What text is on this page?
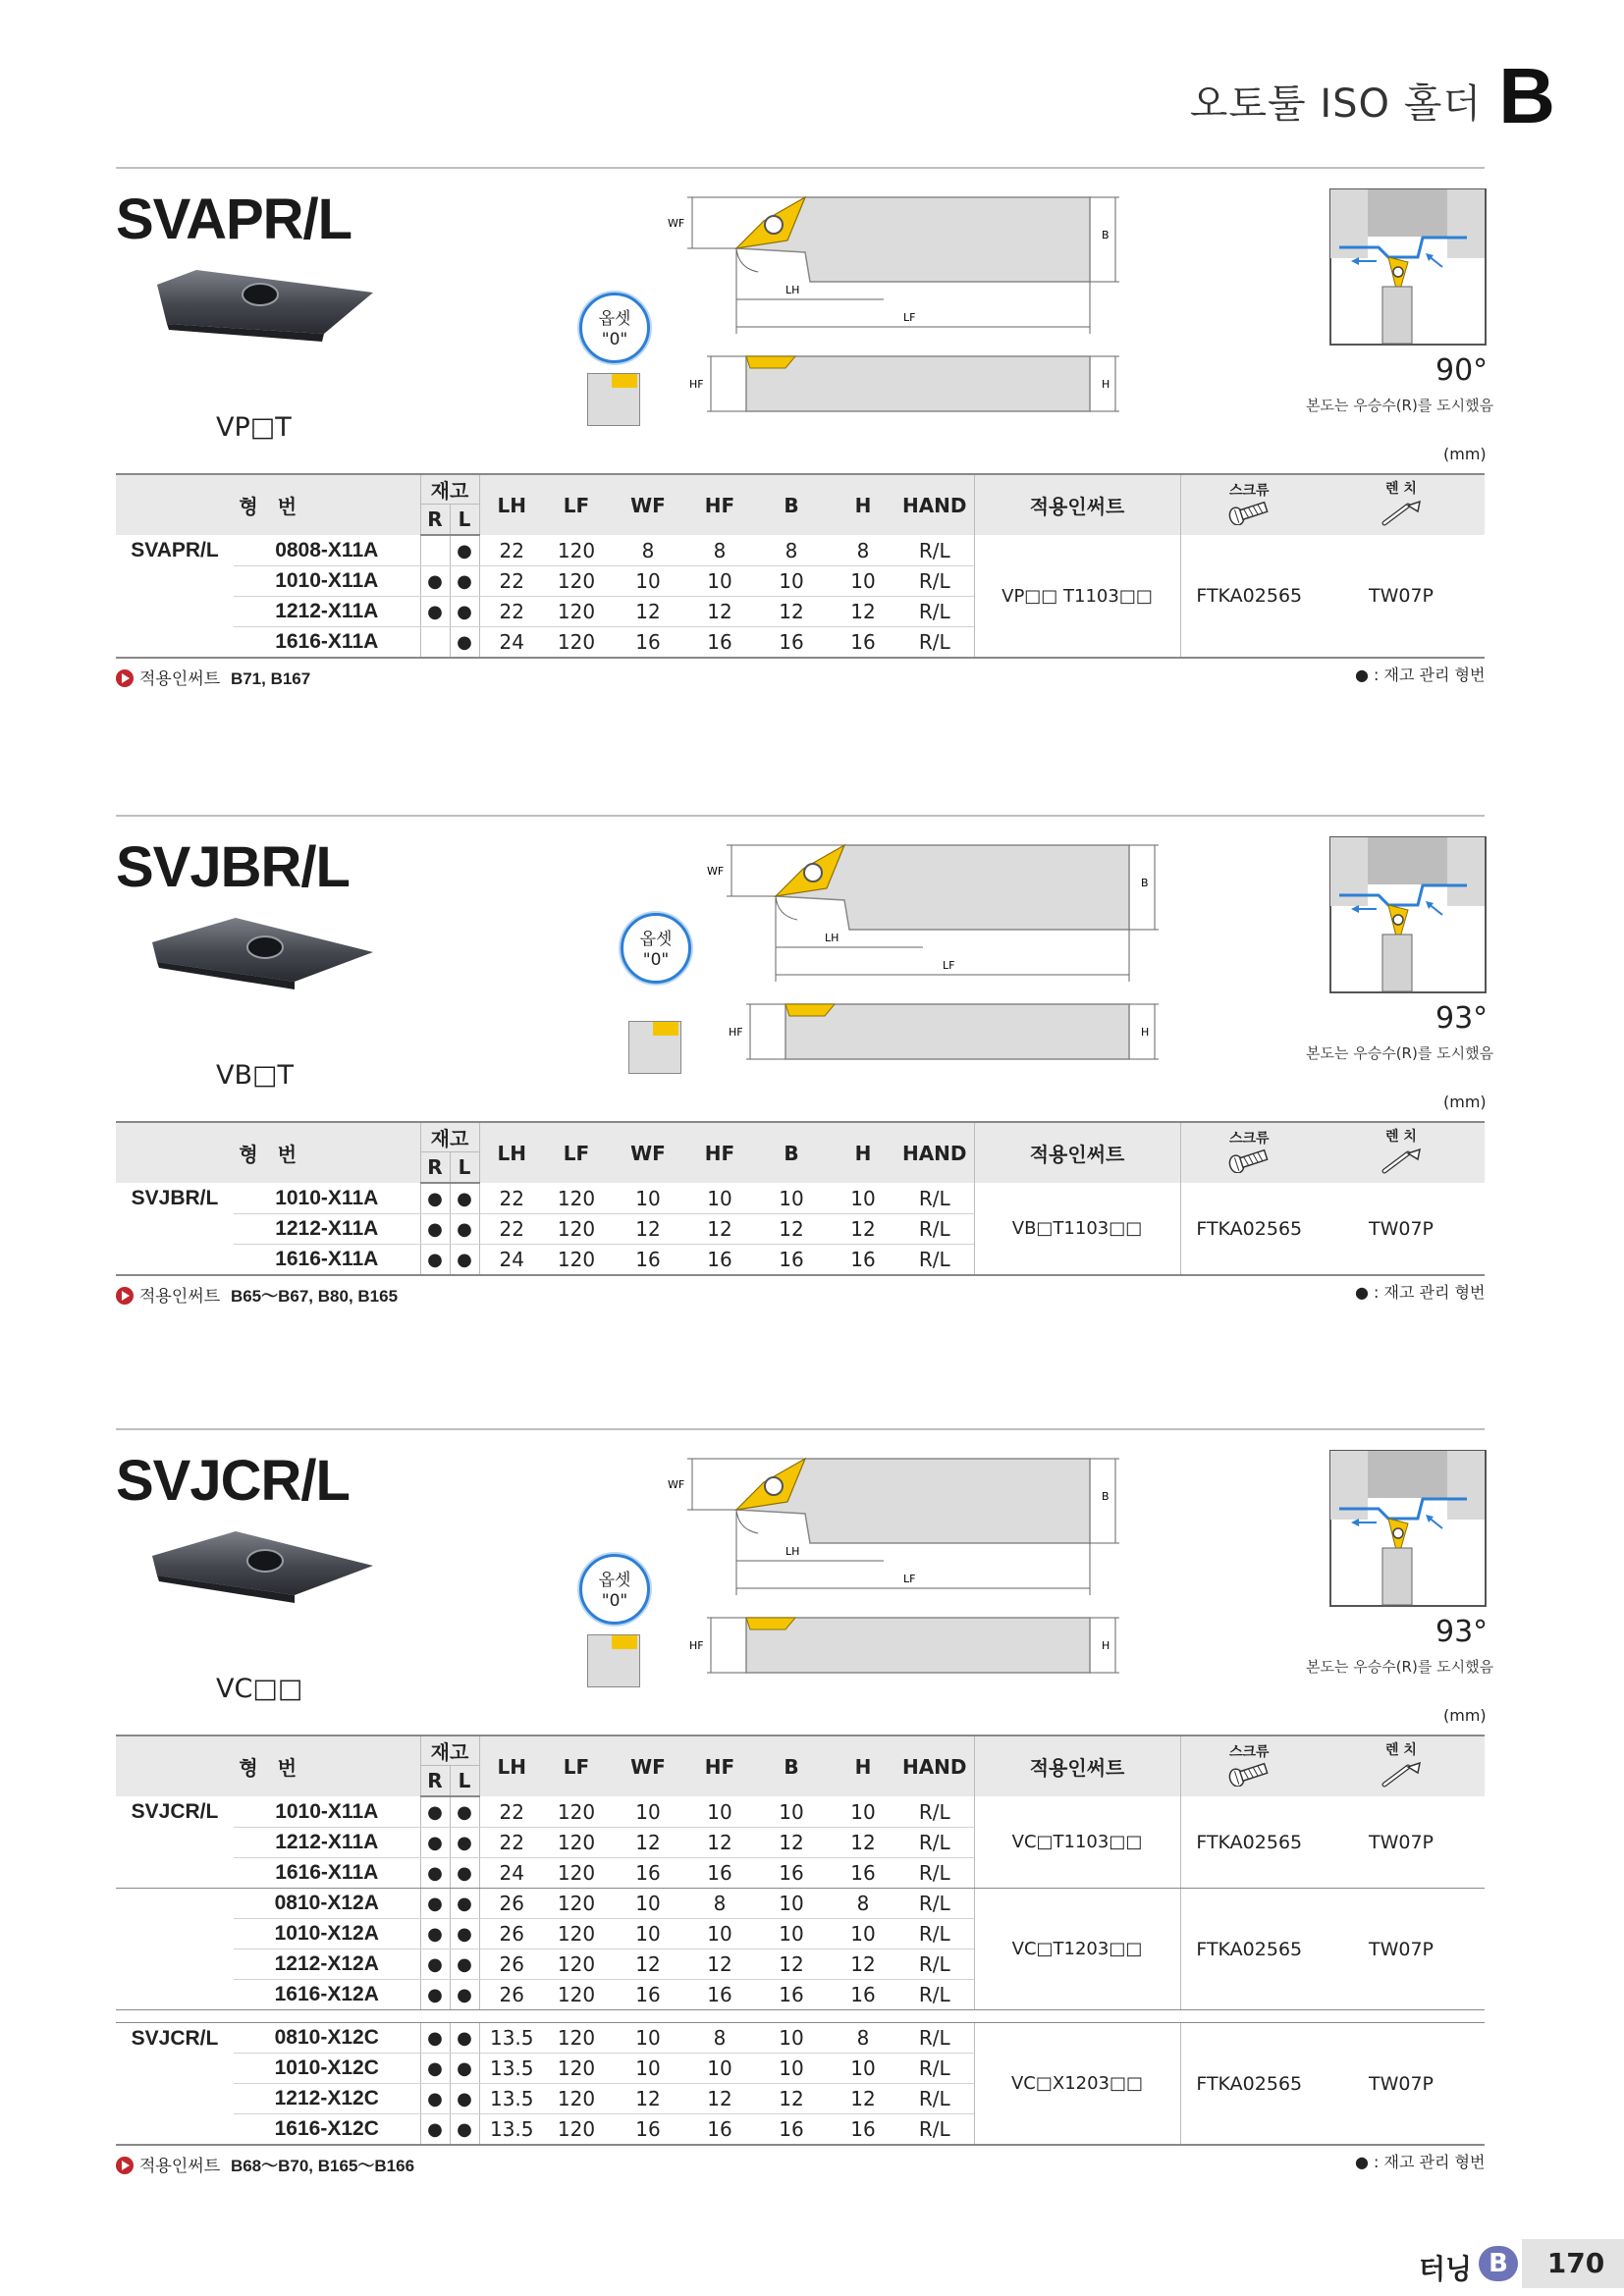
오토툴 ISO 홀더 B
SVAPR/L
VP□T
옵셋
"0"
WF
B
LH
LF
HF	H	90°
본도는 우승수(R)를 도시했음
(mm)
형　번		재고		LH	LF	WF	HF	B	H	HAND	적용인써트	스크류	렌 치

		R	L										
SVAPR/L	0808-X11A		●	22	120	8	8	8	8	R/L	VP□□ T1103□□	FTKA02565	TW07P
	1010-X11A	●	●	22	120	10	10	10	10	R/L			
	1212-X11A	●	●	22	120	12	12	12	12	R/L			
	1616-X11A		●	24	120	16	16	16	16	R/L			
적용인써트 B71, B167	● : 재고 관리 형번
SVJBR/L
VB□T
옵셋
"0"
WF
B
LH
LF
HF	H	93°
본도는 우승수(R)를 도시했음
(mm)
형　번		재고		LH	LF	WF	HF	B	H	HAND	적용인써트	스크류	렌 치

		R	L										
SVJBR/L	1010-X11A	●	●	22	120	10	10	10	10	R/L	VB□T1103□□	FTKA02565	TW07P
	1212-X11A	●	●	22	120	12	12	12	12	R/L			
	1616-X11A	●	●	24	120	16	16	16	16	R/L			
적용인써트 B65～B67, B80, B165	● : 재고 관리 형번
SVJCR/L
VC□□
옵셋
"0"
WF
B
LH
LF
HF	H	93°
본도는 우승수(R)를 도시했음
(mm)
형　번		재고		LH	LF	WF	HF	B	H	HAND	적용인써트	스크류	렌 치

		R	L										
SVJCR/L	1010-X11A	●	●	22	120	10	10	10	10	R/L	VC□T1103□□	FTKA02565	TW07P
	1212-X11A	●	●	22	120	12	12	12	12	R/L			
	1616-X11A	●	●	24	120	16	16	16	16	R/L			
	0810-X12A	●	●	26	120	10	8	10	8	R/L	VC□T1203□□	FTKA02565	TW07P
	1010-X12A	●	●	26	120	10	10	10	10	R/L			
	1212-X12A	●	●	26	120	12	12	12	12	R/L			
	1616-X12A	●	●	26	120	16	16	16	16	R/L			

SVJCR/L	0810-X12C	●	●	13.5	120	10	8	10	8	R/L	VC□X1203□□	FTKA02565	TW07P
	1010-X12C	●	●	13.5	120	10	10	10	10	R/L			
	1212-X12C	●	●	13.5	120	12	12	12	12	R/L			
	1616-X12C	●	●	13.5	120	16	16	16	16	R/L			
적용인써트 B68～B70, B165～B166	● : 재고 관리 형번
터닝 B	170
